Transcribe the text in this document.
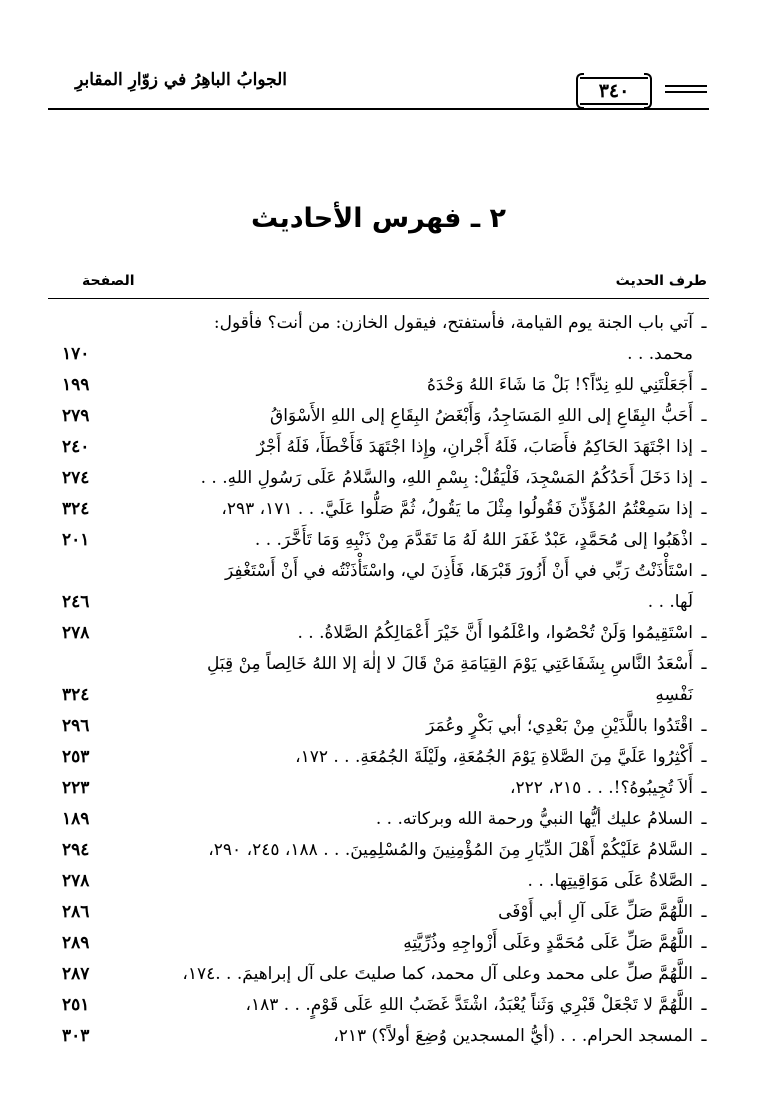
الجوابُ الباهِرُ في زوّارِ المقابرِ	٣٤٠
٢ ـ فهرس الأحاديث
طرف الحديث
الصفحة
ـ
آتي باب الجنة يوم القيامة، فأستفتح، فيقول الخازن: من أنت؟ فأقول:
محمد. . .
١٧٠
ـ
أَجَعَلْتَنِي للهِ نِدّاً؟! بَلْ مَا شَاءَ اللهُ وَحْدَهُ
١٩٩
ـ
أَحَبُّ البِقَاعِ إلى اللهِ المَسَاجِدُ، وَأَبْغَضُ البِقَاعِ إلى اللهِ الأَسْوَاقُ
٢٧٩
ـ
إذا اجْتَهَدَ الحَاكِمُ فأَصَابَ، فَلَهُ أَجْرانِ، وإِذا اجْتَهَدَ فَأَخْطَأَ، فَلَهُ أَجْرٌ
٢٤٠
ـ
إذا دَخَلَ أَحَدُكُمُ المَسْجِدَ، فَلْيَقُلْ: بِسْمِ اللهِ، والسَّلامُ عَلَى رَسُولِ اللهِ. . .
٢٧٤
ـ
إذا سَمِعْتُمُ المُؤَذِّنَ فَقُولُوا مِثْلَ ما يَقُولُ، ثُمَّ صَلُّوا عَلَيَّ. . . ١٧١، ٢٩٣،
٣٢٤
ـ
اذْهَبُوا إلى مُحَمَّدٍ، عَبْدٌ غَفَرَ اللهُ لَهُ مَا تَقَدَّمَ مِنْ ذَنْبِهِ وَمَا تَأَخَّرَ. . .
٢٠١
ـ
اسْتَأْذَنْتُ رَبِّي في أَنْ أَزُورَ قَبْرَهَا، فَأَذِنَ لي، واسْتَأْذَنْتُه في أَنْ أَسْتَغْفِرَ
لَها. . .
٢٤٦
ـ
اسْتَقِيمُوا وَلَنْ تُحْصُوا، واعْلَمُوا أَنَّ خَيْرَ أَعْمَالِكُمُ الصَّلاةُ. . .
٢٧٨
ـ
أَسْعَدُ النَّاسِ بِشَفَاعَتِي يَوْمَ القِيَامَةِ مَنْ قَالَ لا إلٰهَ إلا اللهُ خَالِصاً مِنْ قِبَلِ
نَفْسِهِ
٣٢٤
ـ
اقْتَدُوا باللَّذَيْنِ مِنْ بَعْدِي؛ أبي بَكْرٍ وعُمَرَ
٢٩٦
ـ
أَكْثِرُوا عَلَيَّ مِنَ الصَّلاةِ يَوْمَ الجُمُعَةِ، ولَيْلَةَ الجُمُعَةِ. . . ١٧٢،
٢٥٣
ـ
أَلاَ تُجِيبُوهُ؟!. . . ٢١٥، ٢٢٢،
٢٢٣
ـ
السلامُ عليك أيُّها النبيُّ ورحمة الله وبركاته. . .
١٨٩
ـ
السَّلامُ عَلَيْكُمْ أَهْلَ الدِّيَارِ مِنَ المُؤْمِنِينَ والمُسْلِمِينَ. . . ١٨٨، ٢٤٥، ٢٩٠،
٢٩٤
ـ
الصَّلاةُ عَلَى مَوَاقِيتِها. . .
٢٧٨
ـ
اللَّهُمَّ صَلِّ عَلَى آلِ أبي أَوْفَى
٢٨٦
ـ
اللَّهُمَّ صَلِّ عَلَى مُحَمَّدٍ وعَلَى أَزْواجِهِ وذُرِّيَّتِهِ
٢٨٩
ـ
اللَّهُمَّ صلِّ على محمد وعلى آل محمد، كما صليتَ على آل إبراهيمَ. . .١٧٤،
٢٨٧
ـ
اللَّهُمَّ لا تَجْعَلْ قَبْرِي وَثَناً يُعْبَدُ، اشْتَدَّ غَضَبُ اللهِ عَلَى قَوْمٍ. . . ١٨٣،
٢٥١
ـ
المسجد الحرام. . . (أيُّ المسجدين وُضِعَ أولاً؟) ٢١٣،
٣٠٣
